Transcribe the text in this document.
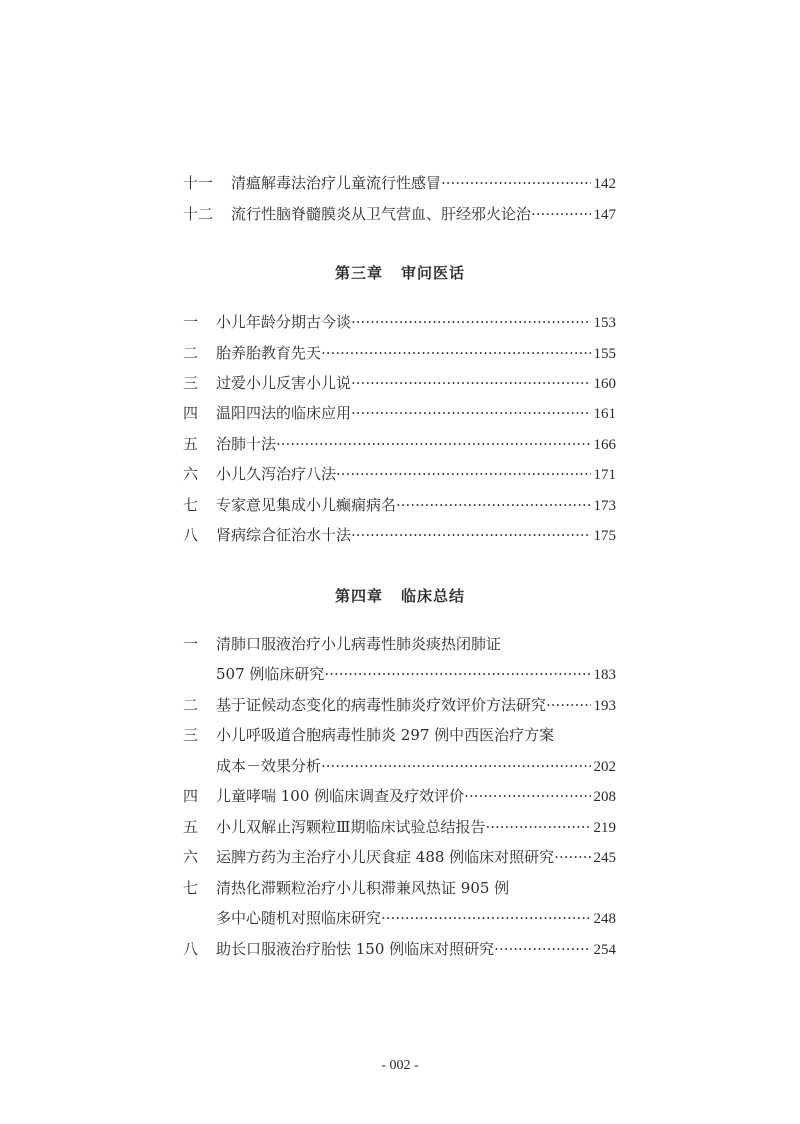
十一	清瘟解毒法治疗儿童流行性感冒 ·····	142
十二	流行性脑脊髓膜炎从卫气营血、肝经邪火论治 ·····	147
第三章 审问医话
一	小儿年龄分期古今谈 ·····	153
二	胎养胎教育先天 ·····	155
三	过爱小儿反害小儿说 ·····	160
四	温阳四法的临床应用 ·····	161
五	治肺十法 ·····	166
六	小儿久泻治疗八法 ·····	171
七	专家意见集成小儿癫痫病名 ·····	173
八	肾病综合征治水十法 ·····	175
第四章 临床总结
一	清肺口服液治疗小儿病毒性肺炎痰热闭肺证
507 例临床研究 ·····	183
二	基于证候动态变化的病毒性肺炎疗效评价方法研究 ·····	193
三	小儿呼吸道合胞病毒性肺炎 297 例中西医治疗方案
成本－效果分析 ·····	202
四	儿童哮喘 100 例临床调查及疗效评价 ·····	208
五	小儿双解止泻颗粒Ⅲ期临床试验总结报告 ·····	219
六	运脾方药为主治疗小儿厌食症 488 例临床对照研究 ·····	245
七	清热化滞颗粒治疗小儿积滞兼风热证 905 例
多中心随机对照临床研究 ·····	248
八	助长口服液治疗胎怯 150 例临床对照研究 ·····	254
- 002 -
